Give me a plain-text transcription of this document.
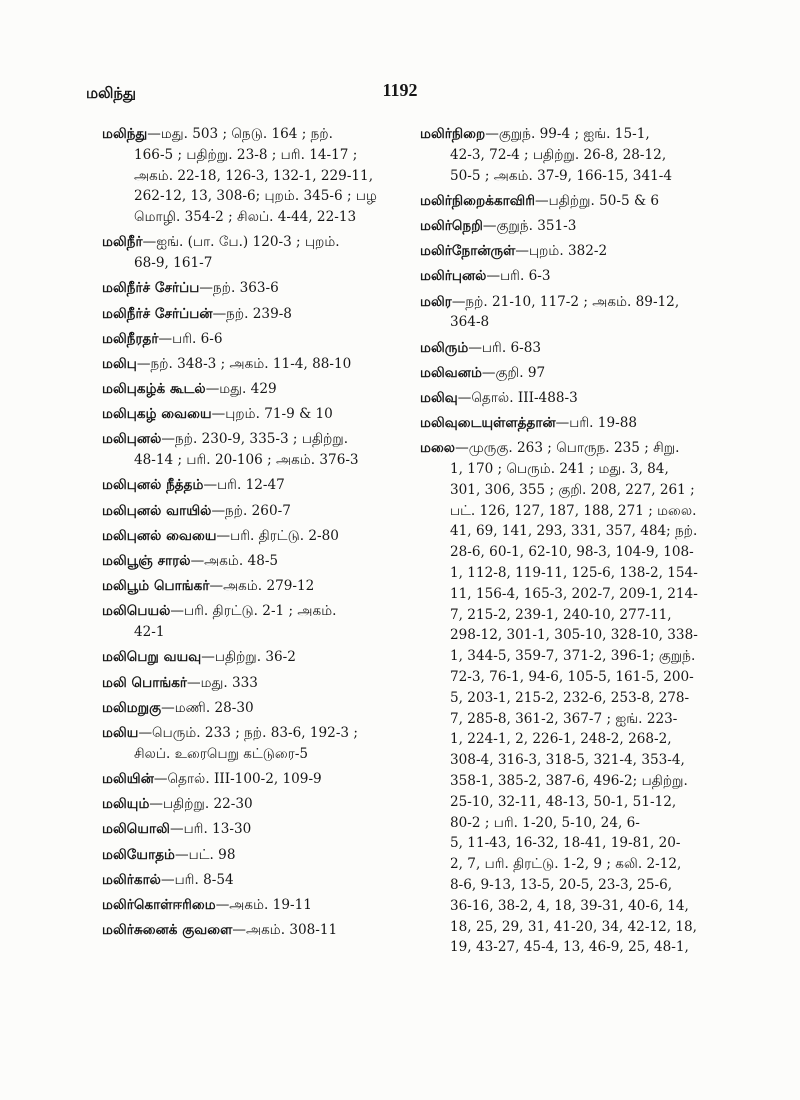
மலிந்து	1192
மலிந்து—மது. 503 ; நெடு. 164 ; நற்.
166-5 ; பதிற்று. 23-8 ; பரி. 14-17 ;
அகம். 22-18, 126-3, 132-1, 229-11,
262-12, 13, 308-6; புறம். 345-6 ; பழ
மொழி. 354-2 ; சிலப். 4-44, 22-13
மலிநீர்—ஐங். (பா. பே.) 120-3 ; புறம்.
68-9, 161-7
மலிநீர்ச் சேர்ப்ப—நற். 363-6
மலிநீர்ச் சேர்ப்பன்—நற். 239-8
மலிநீரதர்—பரி. 6-6
மலிபு—நற். 348-3 ; அகம். 11-4, 88-10
மலிபுகழ்க் கூடல்—மது. 429
மலிபுகழ் வையை—புறம். 71-9 & 10
மலிபுனல்—நற். 230-9, 335-3 ; பதிற்று.
48-14 ; பரி. 20-106 ; அகம். 376-3
மலிபுனல் நீத்தம்—பரி. 12-47
மலிபுனல் வாயில்—நற். 260-7
மலிபுனல் வையை—பரி. திரட்டு. 2-80
மலிபூஞ் சாரல்—அகம். 48-5
மலிபூம் பொங்கர்—அகம். 279-12
மலிபெயல்—பரி. திரட்டு. 2-1 ; அகம்.
42-1
மலிபெறு வயவு—பதிற்று. 36-2
மலி பொங்கர்—மது. 333
மலிமறுகு—மணி. 28-30
மலிய—பெரும். 233 ; நற். 83-6, 192-3 ;
சிலப். உரைபெறு கட்டுரை-5
மலியின்—தொல். III-100-2, 109-9
மலியும்—பதிற்று. 22-30
மலியொலி—பரி. 13-30
மலியோதம்—பட். 98
மலிர்கால்—பரி. 8-54
மலிர்கொள்ஈரிமை—அகம். 19-11
மலிர்சுனைக் குவளை—அகம். 308-11
மலிர்நிறை—குறுந். 99-4 ; ஐங். 15-1,
42-3, 72-4 ; பதிற்று. 26-8, 28-12,
50-5 ; அகம். 37-9, 166-15, 341-4
மலிர்நிறைக்காவிரி—பதிற்று. 50-5 & 6
மலிர்நெறி—குறுந். 351-3
மலிர்நோன்ருள்—புறம். 382-2
மலிர்புனல்—பரி. 6-3
மலிர—நற். 21-10, 117-2 ; அகம். 89-12,
364-8
மலிரும்—பரி. 6-83
மலிவனம்—குறி. 97
மலிவு—தொல். III-488-3
மலிவுடையுள்ளத்தான்—பரி. 19-88
மலை—முருகு. 263 ; பொருந. 235 ; சிறு.
1, 170 ; பெரும். 241 ; மது. 3, 84,
301, 306, 355 ; குறி. 208, 227, 261 ;
பட். 126, 127, 187, 188, 271 ; மலை.
41, 69, 141, 293, 331, 357, 484; நற்.
28-6, 60-1, 62-10, 98-3, 104-9, 108-
1, 112-8, 119-11, 125-6, 138-2, 154-
11, 156-4, 165-3, 202-7, 209-1, 214-
7, 215-2, 239-1, 240-10, 277-11,
298-12, 301-1, 305-10, 328-10, 338-
1, 344-5, 359-7, 371-2, 396-1; குறுந்.
72-3, 76-1, 94-6, 105-5, 161-5, 200-
5, 203-1, 215-2, 232-6, 253-8, 278-
7, 285-8, 361-2, 367-7 ; ஐங். 223-
1, 224-1, 2, 226-1, 248-2, 268-2,
308-4, 316-3, 318-5, 321-4, 353-4,
358-1, 385-2, 387-6, 496-2; பதிற்று.
25-10, 32-11, 48-13, 50-1, 51-12,
80-2 ; பரி. 1-20, 5-10, 24, 6-
5, 11-43, 16-32, 18-41, 19-81, 20-
2, 7, பரி. திரட்டு. 1-2, 9 ; கலி. 2-12,
8-6, 9-13, 13-5, 20-5, 23-3, 25-6,
36-16, 38-2, 4, 18, 39-31, 40-6, 14,
18, 25, 29, 31, 41-20, 34, 42-12, 18,
19, 43-27, 45-4, 13, 46-9, 25, 48-1,
